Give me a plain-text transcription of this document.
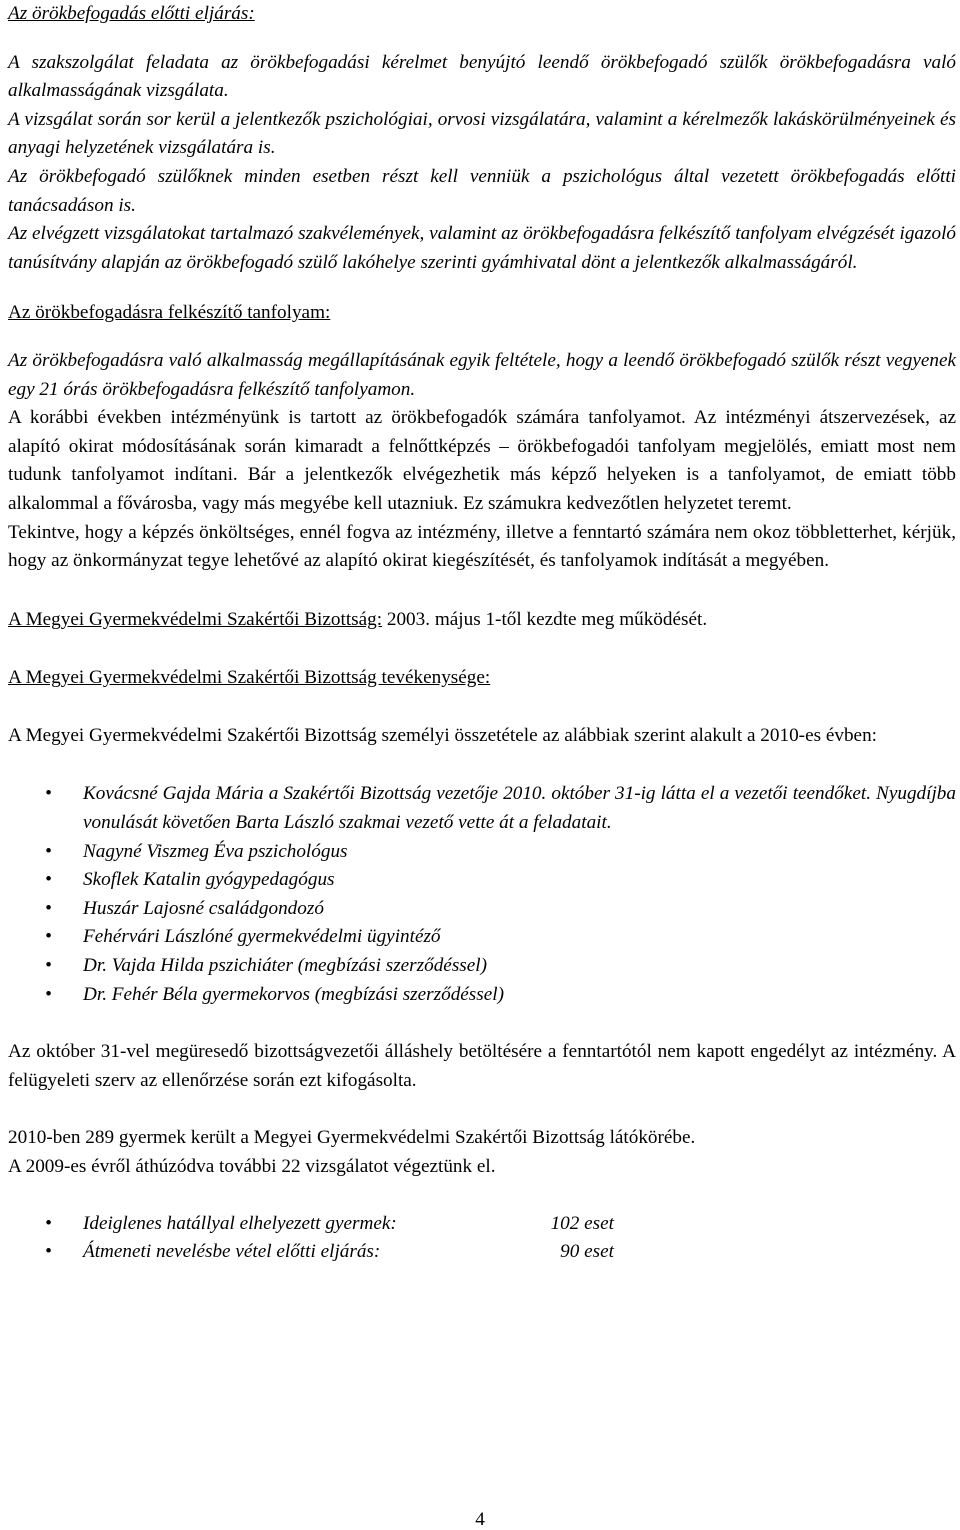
Az örökbefogadás előtti eljárás:

A szakszolgálat feladata az örökbefogadási kérelmet benyújtó leendő örökbefogadó szülők örökbefogadásra való alkalmasságának vizsgálata.

A vizsgálat során sor kerül a jelentkezők pszichológiai, orvosi vizsgálatára, valamint a kérelmezők lakáskörülményeinek és anyagi helyzetének vizsgálatára is.

Az örökbefogadó szülőknek minden esetben részt kell venniük a pszichológus által vezetett örökbefogadás előtti tanácsadáson is.

Az elvégzett vizsgálatokat tartalmazó szakvélemények, valamint az örökbefogadásra felkészítő tanfolyam elvégzését igazoló tanúsítvány alapján az örökbefogadó szülő lakóhelye szerinti gyámhivatal dönt a jelentkezők alkalmasságáról.

Az örökbefogadásra felkészítő tanfolyam:

Az örökbefogadásra való alkalmasság megállapításának egyik feltétele, hogy a leendő örökbefogadó szülők részt vegyenek egy 21 órás örökbefogadásra felkészítő tanfolyamon.

A korábbi években intézményünk is tartott az örökbefogadók számára tanfolyamot. Az intézményi átszervezések, az alapító okirat módosításának során kimaradt a felnőttképzés – örökbefogadói tanfolyam megjelölés, emiatt most nem tudunk tanfolyamot indítani. Bár a jelentkezők elvégezhetik más képző helyeken is a tanfolyamot, de emiatt több alkalommal a fővárosba, vagy más megyébe kell utazniuk. Ez számukra kedvezőtlen helyzetet teremt.

Tekintve, hogy a képzés önköltséges, ennél fogva az intézmény, illetve a fenntartó számára nem okoz többletterhet, kérjük, hogy az önkormányzat tegye lehetővé az alapító okirat kiegészítését, és tanfolyamok indítását a megyében.

A Megyei Gyermekvédelmi Szakértői Bizottság: 2003. május 1-től kezdte meg működését.

A Megyei Gyermekvédelmi Szakértői Bizottság tevékenysége:

A Megyei Gyermekvédelmi Szakértői Bizottság személyi összetétele az alábbiak szerint alakult a 2010-es évben:

• Kovácsné Gajda Mária a Szakértői Bizottság vezetője 2010. október 31-ig látta el a vezetői teendőket. Nyugdíjba vonulását követően Barta László szakmai vezető vette át a feladatait.
• Nagyné Viszmeg Éva pszichológus
• Skoflek Katalin gyógypedagógus
• Huszár Lajosné családgondozó
• Fehérvári Lászlóné gyermekvédelmi ügyintéző
• Dr. Vajda Hilda pszichiáter (megbízási szerződéssel)
• Dr. Fehér Béla gyermekorvos (megbízási szerződéssel)

Az október 31-vel megüresedő bizottságvezetői álláshely betöltésére a fenntartótól nem kapott engedélyt az intézmény. A felügyeleti szerv az ellenőrzése során ezt kifogásolta.

2010-ben 289 gyermek került a Megyei Gyermekvédelmi Szakértői Bizottság látókörébe.

A 2009-es évről áthúzódva további 22 vizsgálatot végeztünk el.

• Ideiglenes hatállyal elhelyezett gyermek:	102 eset
• Átmeneti nevelésbe vétel előtti eljárás:	90 eset
4
